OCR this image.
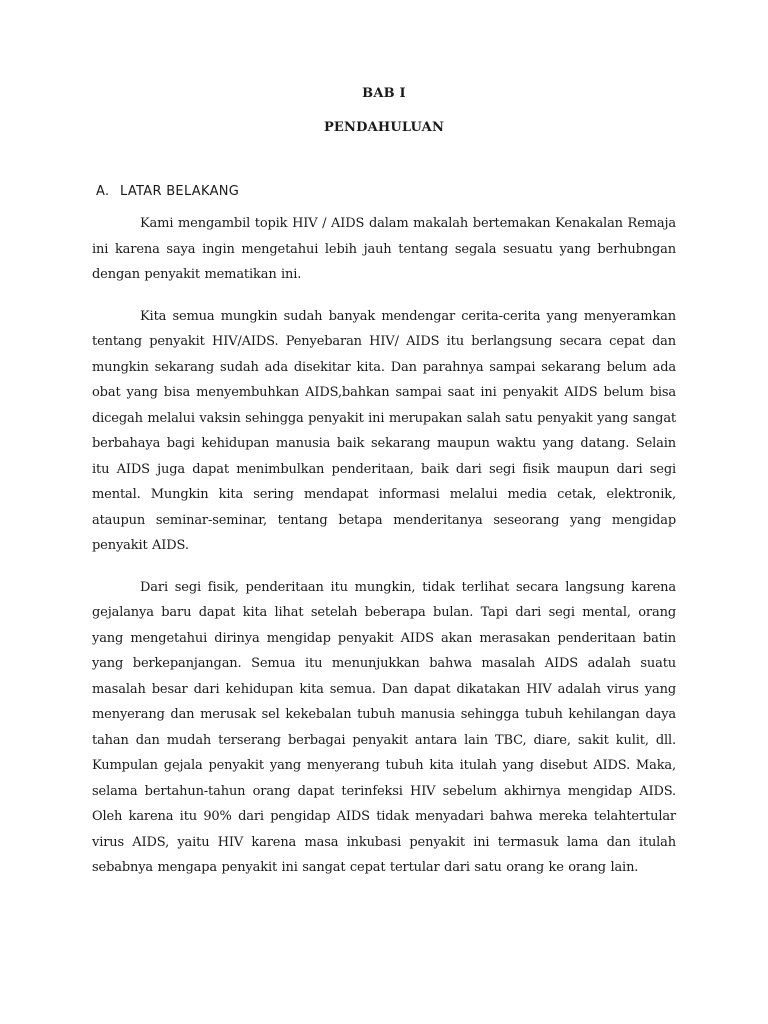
BAB I
PENDAHULUAN
A. LATAR BELAKANG

Kami mengambil topik HIV / AIDS dalam makalah bertemakan Kenakalan Remaja ini karena saya ingin mengetahui lebih jauh tentang segala sesuatu yang berhubngan dengan penyakit mematikan ini.

Kita semua mungkin sudah banyak mendengar cerita-cerita yang menyeramkan tentang penyakit HIV/AIDS. Penyebaran HIV/ AIDS itu berlangsung secara cepat dan mungkin sekarang sudah ada disekitar kita. Dan parahnya sampai sekarang belum ada obat yang bisa menyembuhkan AIDS,bahkan sampai saat ini penyakit AIDS belum bisa dicegah melalui vaksin sehingga penyakit ini merupakan salah satu penyakit yang sangat berbahaya bagi kehidupan manusia baik sekarang maupun waktu yang datang. Selain itu AIDS juga dapat menimbulkan penderitaan, baik dari segi fisik maupun dari segi mental. Mungkin kita sering mendapat informasi melalui media cetak, elektronik, ataupun seminar-seminar, tentang betapa menderitanya seseorang yang mengidap penyakit AIDS.

Dari segi fisik, penderitaan itu mungkin, tidak terlihat secara langsung karena gejalanya baru dapat kita lihat setelah beberapa bulan. Tapi dari segi mental, orang yang mengetahui dirinya mengidap penyakit AIDS akan merasakan penderitaan batin yang berkepanjangan. Semua itu menunjukkan bahwa masalah AIDS adalah suatu masalah besar dari kehidupan kita semua. Dan dapat dikatakan HIV adalah virus yang menyerang dan merusak sel kekebalan tubuh manusia sehingga tubuh kehilangan daya tahan dan mudah terserang berbagai penyakit antara lain TBC, diare, sakit kulit, dll. Kumpulan gejala penyakit yang menyerang tubuh kita itulah yang disebut AIDS. Maka, selama bertahun-tahun orang dapat terinfeksi HIV sebelum akhirnya mengidap AIDS. Oleh karena itu 90% dari pengidap AIDS tidak menyadari bahwa mereka telahtertular virus AIDS, yaitu HIV karena masa inkubasi penyakit ini termasuk lama dan itulah sebabnya mengapa penyakit ini sangat cepat tertular dari satu orang ke orang lain.
